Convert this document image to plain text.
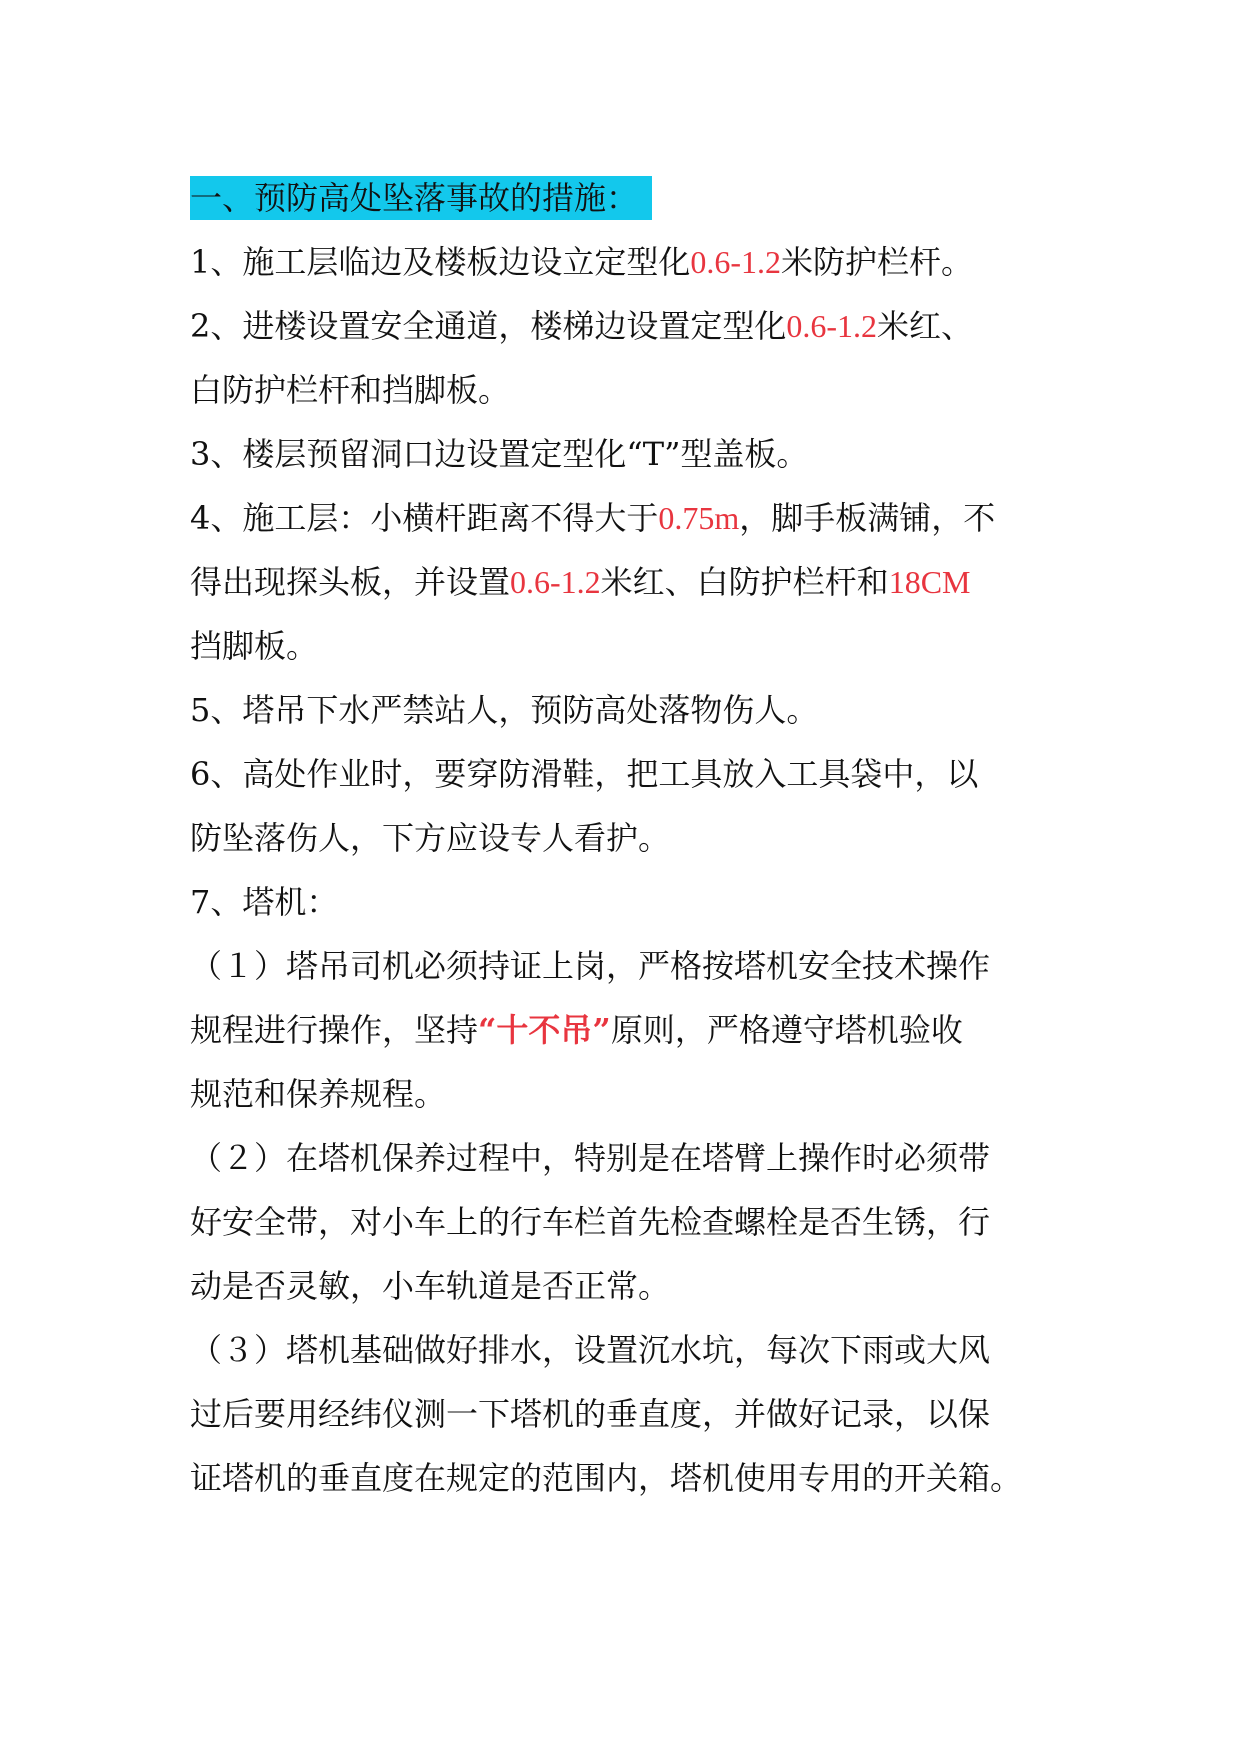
一、预防高处坠落事故的措施：
1、施工层临边及楼板边设立定型化0.6-1.2米防护栏杆。
2、进楼设置安全通道，楼梯边设置定型化0.6-1.2米红、
白防护栏杆和挡脚板。
3、楼层预留洞口边设置定型化“T”型盖板。
4、施工层：小横杆距离不得大于0.75m，脚手板满铺，不
得出现探头板，并设置0.6-1.2米红、白防护栏杆和18CM
挡脚板。
5、塔吊下水严禁站人，预防高处落物伤人。
6、高处作业时，要穿防滑鞋，把工具放入工具袋中，以
防坠落伤人，下方应设专人看护。
7、塔机：
（１）塔吊司机必须持证上岗，严格按塔机安全技术操作
规程进行操作，坚持“十不吊”原则，严格遵守塔机验收
规范和保养规程。
（２）在塔机保养过程中，特别是在塔臂上操作时必须带
好安全带，对小车上的行车栏首先检查螺栓是否生锈，行
动是否灵敏，小车轨道是否正常。
（３）塔机基础做好排水，设置沉水坑，每次下雨或大风
过后要用经纬仪测一下塔机的垂直度，并做好记录，以保
证塔机的垂直度在规定的范围内，塔机使用专用的开关箱。
